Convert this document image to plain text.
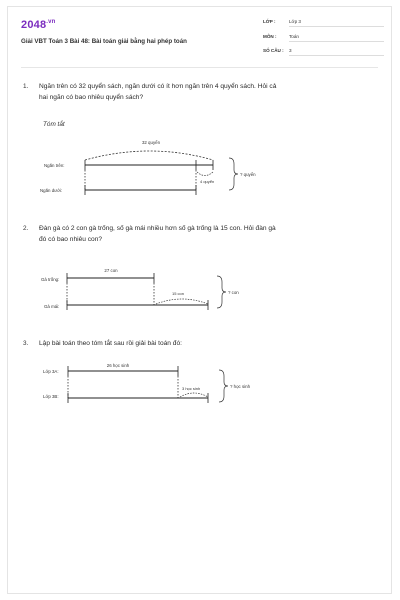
$2048^{.vn}$
Giải VBT Toán 3 Bài 48: Bài toán giải bằng hai phép toán
LỚP :	Lớp 3
MÔN :	Toán
SỐ CÂU : 3
1. Ngăn trên có 32 quyển sách, ngăn dưới có ít hơn ngăn trên 4 quyển sách. Hỏi cả
hai ngăn có bao nhiêu quyển sách?
Tóm tắt
2. Đàn gà có 2 con gà trống, số gà mái nhiều hơn số gà trống là 15 con. Hỏi đàn gà
đó có bao nhiêu con?
3. Lập bài toán theo tóm tắt sau rồi giải bài toán đó:
32 quyển
Ngăn trên:
4 quyển
Ngăn dưới:
? quyển
27 con
Gà trống:
15 con
Gà mái:
? con
26 học sinh
Lớp 3A:
3 học sinh
Lớp 3B:
? học sinh
